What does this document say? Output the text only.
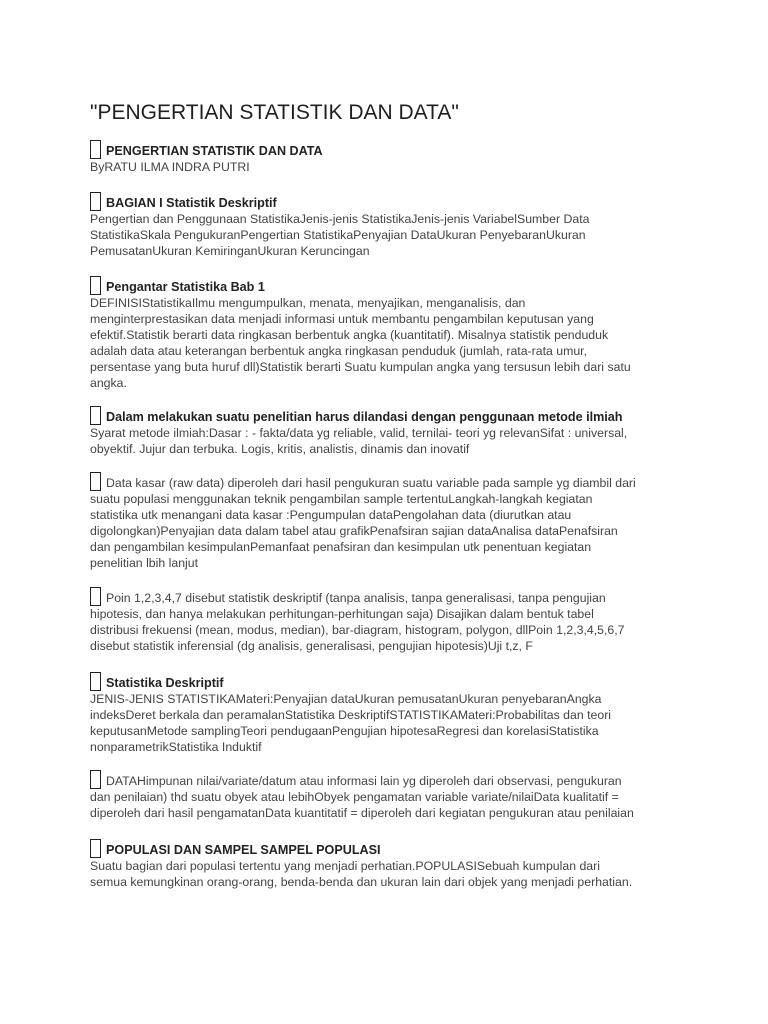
"PENGERTIAN STATISTIK DAN DATA"
PENGERTIAN STATISTIK DAN DATA

ByRATU ILMA INDRA PUTRI

BAGIAN I Statistik Deskriptif

Pengertian dan Penggunaan StatistikaJenis-jenis StatistikaJenis-jenis VariabelSumber Data

StatistikaSkala PengukuranPengertian StatistikaPenyajian DataUkuran PenyebaranUkuran

PemusatanUkuran KemiringanUkuran Keruncingan

Pengantar Statistika Bab 1

DEFINISIStatistikaIlmu mengumpulkan, menata, menyajikan, menganalisis, dan

menginterprestasikan data menjadi informasi untuk membantu pengambilan keputusan yang

efektif.Statistik berarti data ringkasan berbentuk angka (kuantitatif). Misalnya statistik penduduk

adalah data atau keterangan berbentuk angka ringkasan penduduk (jumlah, rata-rata umur,

persentase yang buta huruf dll)Statistik berarti Suatu kumpulan angka yang tersusun lebih dari satu

angka.

Dalam melakukan suatu penelitian harus dilandasi dengan penggunaan metode ilmiah

Syarat metode ilmiah:Dasar : - fakta/data yg reliable, valid, ternilai- teori yg relevanSifat : universal,

obyektif. Jujur dan terbuka. Logis, kritis, analistis, dinamis dan inovatif

Data kasar (raw data) diperoleh dari hasil pengukuran suatu variable pada sample yg diambil dari

suatu populasi menggunakan teknik pengambilan sample tertentuLangkah-langkah kegiatan

statistika utk menangani data kasar :Pengumpulan dataPengolahan data (diurutkan atau

digolongkan)Penyajian data dalam tabel atau grafikPenafsiran sajian dataAnalisa dataPenafsiran

dan pengambilan kesimpulanPemanfaat penafsiran dan kesimpulan utk penentuan kegiatan

penelitian lbih lanjut

Poin 1,2,3,4,7 disebut statistik deskriptif (tanpa analisis, tanpa generalisasi, tanpa pengujian

hipotesis, dan hanya melakukan perhitungan-perhitungan saja) Disajikan dalam bentuk tabel

distribusi frekuensi (mean, modus, median), bar-diagram, histogram, polygon, dllPoin 1,2,3,4,5,6,7

disebut statistik inferensial (dg analisis, generalisasi, pengujian hipotesis)Uji t,z, F

Statistika Deskriptif

JENIS-JENIS STATISTIKAMateri:Penyajian dataUkuran pemusatanUkuran penyebaranAngka

indeksDeret berkala dan peramalanStatistika DeskriptifSTATISTIKAMateri:Probabilitas dan teori

keputusanMetode samplingTeori pendugaanPengujian hipotesaRegresi dan korelasiStatistika

nonparametrikStatistika Induktif

DATAHimpunan nilai/variate/datum atau informasi lain yg diperoleh dari observasi, pengukuran

dan penilaian) thd suatu obyek atau lebihObyek pengamatan variable variate/nilaiData kualitatif =

diperoleh dari hasil pengamatanData kuantitatif = diperoleh dari kegiatan pengukuran atau penilaian

POPULASI DAN SAMPEL SAMPEL POPULASI

Suatu bagian dari populasi tertentu yang menjadi perhatian.POPULASISebuah kumpulan dari

semua kemungkinan orang-orang, benda-benda dan ukuran lain dari objek yang menjadi perhatian.
